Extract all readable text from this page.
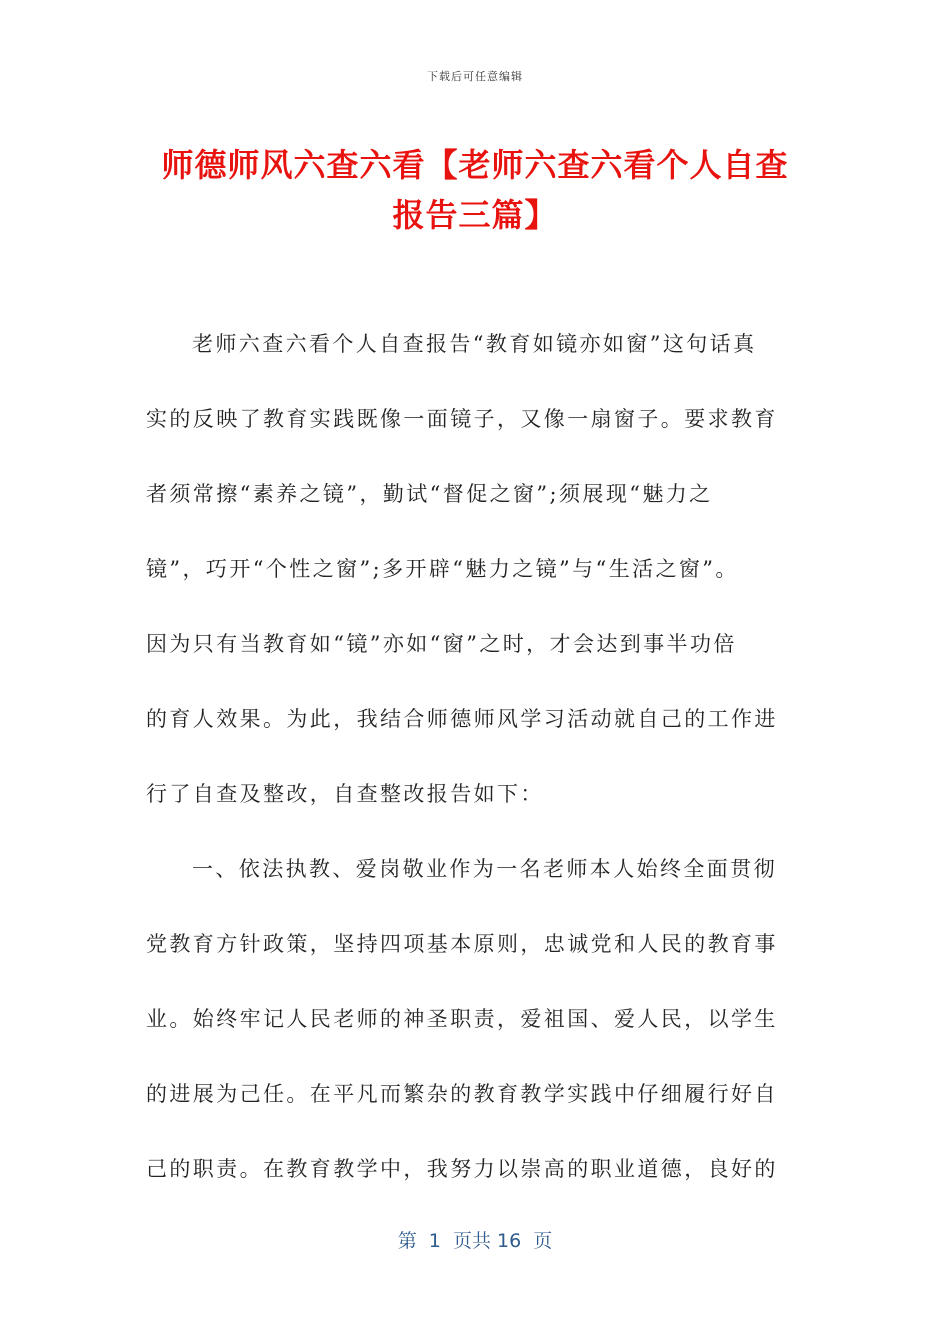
下载后可任意编辑
师德师风六查六看【老师六查六看个人自查
报告三篇】
老师六查六看个人自查报告“教育如镜亦如窗”这句话真
实的反映了教育实践既像一面镜子，又像一扇窗子。要求教育
者须常擦“素养之镜”，勤试“督促之窗”;须展现“魅力之
镜”，巧开“个性之窗”;多开辟“魅力之镜”与“生活之窗”。
因为只有当教育如“镜”亦如“窗”之时，才会达到事半功倍
的育人效果。为此，我结合师德师风学习活动就自己的工作进
行了自查及整改，自查整改报告如下：
一、依法执教、爱岗敬业作为一名老师本人始终全面贯彻
党教育方针政策，坚持四项基本原则，忠诚党和人民的教育事
业。始终牢记人民老师的神圣职责，爱祖国、爱人民，以学生
的进展为己任。在平凡而繁杂的教育教学实践中仔细履行好自
己的职责。在教育教学中，我努力以崇高的职业道德，良好的
第  1  页共 16  页
